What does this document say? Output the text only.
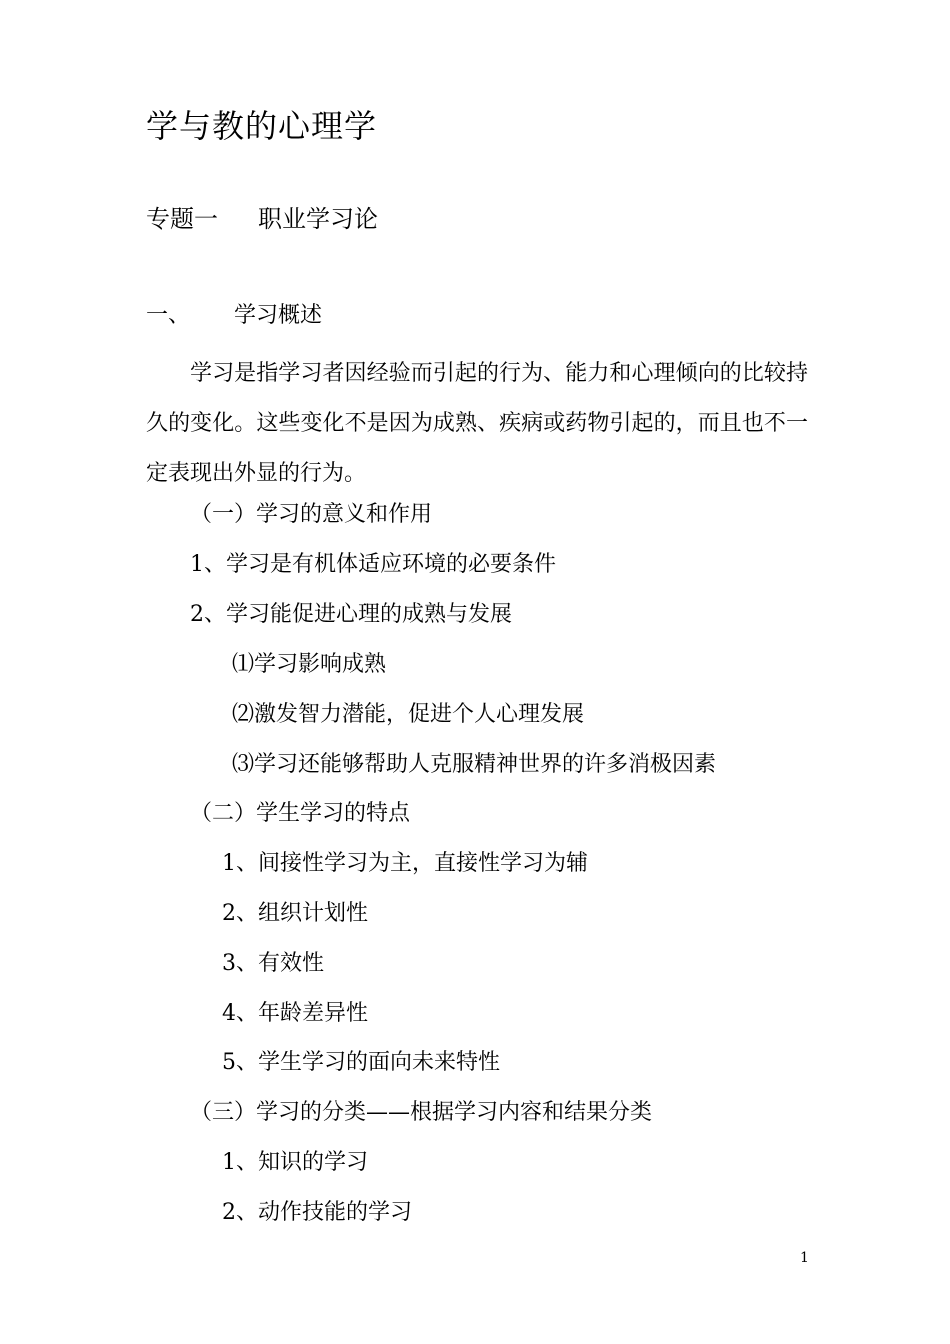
学与教的心理学
专题一 职业学习论
一、 学习概述
学习是指学习者因经验而引起的行为、能力和心理倾向的比较持久的变化。这些变化不是因为成熟、疾病或药物引起的，而且也不一定表现出外显的行为。
（一）学习的意义和作用
1、学习是有机体适应环境的必要条件
2、学习能促进心理的成熟与发展
⑴学习影响成熟
⑵激发智力潜能，促进个人心理发展
⑶学习还能够帮助人克服精神世界的许多消极因素
（二）学生学习的特点
1、间接性学习为主，直接性学习为辅
2、组织计划性
3、有效性
4、年龄差异性
5、学生学习的面向未来特性
（三）学习的分类——根据学习内容和结果分类
1、知识的学习
2、动作技能的学习
1
